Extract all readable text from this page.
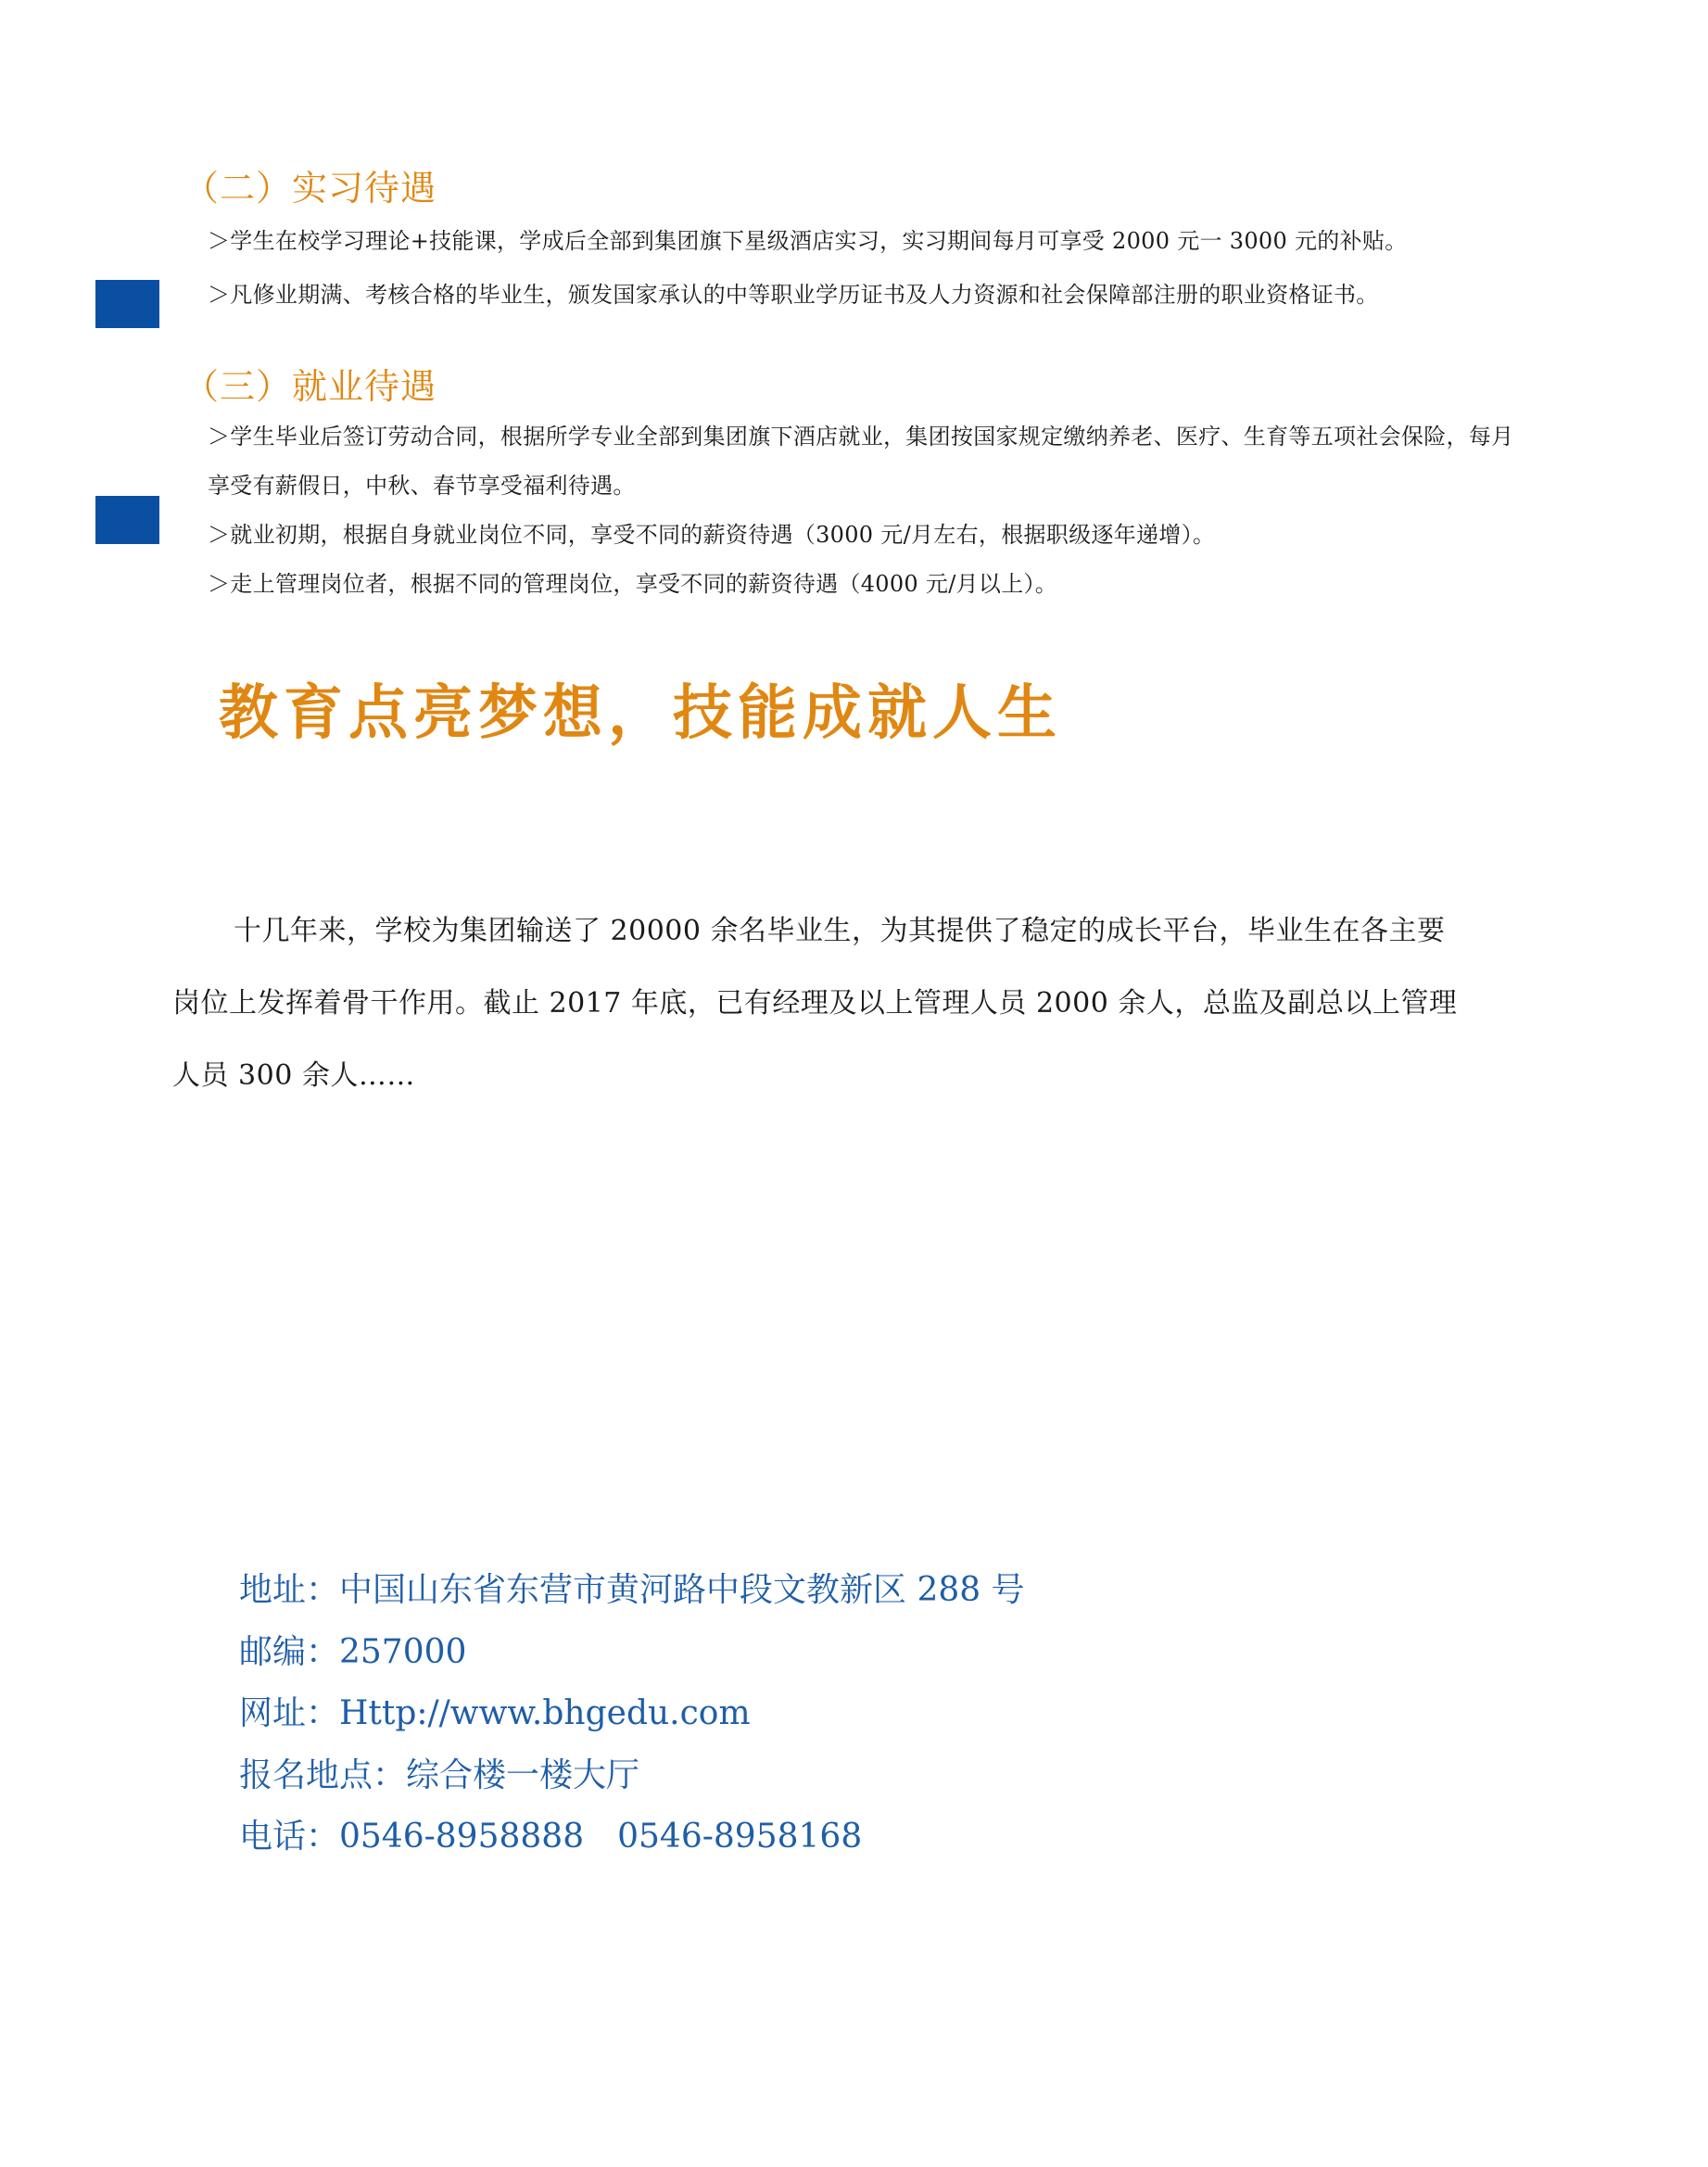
（二）实习待遇
＞学生在校学习理论+技能课，学成后全部到集团旗下星级酒店实习，实习期间每月可享受 2000 元一 3000 元的补贴。
＞凡修业期满、考核合格的毕业生，颁发国家承认的中等职业学历证书及人力资源和社会保障部注册的职业资格证书。
（三）就业待遇
＞学生毕业后签订劳动合同，根据所学专业全部到集团旗下酒店就业，集团按国家规定缴纳养老、医疗、生育等五项社会保险，每月享受有薪假日，中秋、春节享受福利待遇。
＞就业初期，根据自身就业岗位不同，享受不同的薪资待遇（3000 元/月左右，根据职级逐年递增）。
＞走上管理岗位者，根据不同的管理岗位，享受不同的薪资待遇（4000 元/月以上）。
教育点亮梦想，技能成就人生
十几年来，学校为集团输送了 20000 余名毕业生，为其提供了稳定的成长平台，毕业生在各主要岗位上发挥着骨干作用。截止 2017 年底，已有经理及以上管理人员 2000 余人，总监及副总以上管理人员 300 余人……
地址：中国山东省东营市黄河路中段文教新区 288 号
邮编：257000
网址：Http://www.bhgedu.com
报名地点：综合楼一楼大厅
电话：0546-8958888　0546-8958168
